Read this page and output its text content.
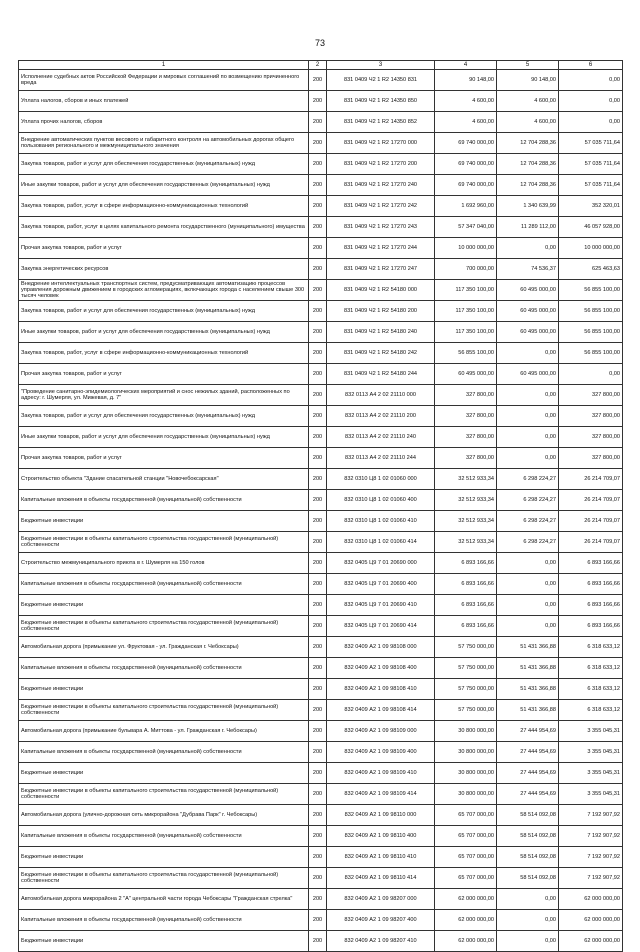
73
1	2	3	4	5	6
Исполнение судебных актов Российской Федерации и мировых соглашений по возмещению причиненного вреда	200	831 0409 Ч2 1 R2 14350 831	90 148,00	90 148,00	0,00
Уплата налогов, сборов и иных платежей	200	831 0409 Ч2 1 R2 14350 850	4 600,00	4 600,00	0,00
Уплата прочих налогов, сборов	200	831 0409 Ч2 1 R2 14350 852	4 600,00	4 600,00	0,00
Внедрение автоматических пунктов весового и габаритного контроля на автомобильных дорогах общего пользования регионального и межмуниципального значения	200	831 0409 Ч2 1 R2 17270 000	69 740 000,00	12 704 288,36	57 035 711,64
Закупка товаров, работ и услуг для обеспечения государственных (муниципальных) нужд	200	831 0409 Ч2 1 R2 17270 200	69 740 000,00	12 704 288,36	57 035 711,64
Иные закупки товаров, работ и услуг для обеспечения государственных (муниципальных) нужд	200	831 0409 Ч2 1 R2 17270 240	69 740 000,00	12 704 288,36	57 035 711,64
Закупка товаров, работ, услуг в сфере информационно-коммуникационных технологий	200	831 0409 Ч2 1 R2 17270 242	1 692 960,00	1 340 639,99	352 320,01
Закупка товаров, работ, услуг в целях капитального ремонта государственного (муниципального) имущества	200	831 0409 Ч2 1 R2 17270 243	57 347 040,00	11 289 112,00	46 057 928,00
Прочая закупка товаров, работ и услуг	200	831 0409 Ч2 1 R2 17270 244	10 000 000,00	0,00	10 000 000,00
Закупка энергетических ресурсов	200	831 0409 Ч2 1 R2 17270 247	700 000,00	74 536,37	625 463,63
Внедрение интеллектуальных транспортных систем, предусматривающих автоматизацию процессов управления дорожным движением в городских агломерациях, включающих города с населением свыше 300 тысяч человек	200	831 0409 Ч2 1 R2 54180 000	117 350 100,00	60 495 000,00	56 855 100,00
Закупка товаров, работ и услуг для обеспечения государственных (муниципальных) нужд	200	831 0409 Ч2 1 R2 54180 200	117 350 100,00	60 495 000,00	56 855 100,00
Иные закупки товаров, работ и услуг для обеспечения государственных (муниципальных) нужд	200	831 0409 Ч2 1 R2 54180 240	117 350 100,00	60 495 000,00	56 855 100,00
Закупка товаров, работ, услуг в сфере информационно-коммуникационных технологий	200	831 0409 Ч2 1 R2 54180 242	56 855 100,00	0,00	56 855 100,00
Прочая закупка товаров, работ и услуг	200	831 0409 Ч2 1 R2 54180 244	60 495 000,00	60 495 000,00	0,00
"Проведение санитарно-эпидемиологических мероприятий и снос нежилых зданий, расположенных по адресу: г. Шумерля, ул. Мижевая, д. 7"	200	832 0113 А4 2 02 21110 000	327 800,00	0,00	327 800,00
Закупка товаров, работ и услуг для обеспечения государственных (муниципальных) нужд	200	832 0113 А4 2 02 21110 200	327 800,00	0,00	327 800,00
Иные закупки товаров, работ и услуг для обеспечения государственных (муниципальных) нужд	200	832 0113 А4 2 02 21110 240	327 800,00	0,00	327 800,00
Прочая закупка товаров, работ и услуг	200	832 0113 А4 2 02 21110 244	327 800,00	0,00	327 800,00
Строительство объекта "Здание спасательной станции "Новочебоксарская"	200	832 0310 Ц8 1 02 01060 000	32 512 933,34	6 298 224,27	26 214 709,07
Капитальные вложения в объекты государственной (муниципальной) собственности	200	832 0310 Ц8 1 02 01060 400	32 512 933,34	6 298 224,27	26 214 709,07
Бюджетные инвестиции	200	832 0310 Ц8 1 02 01060 410	32 512 933,34	6 298 224,27	26 214 709,07
Бюджетные инвестиции в объекты капитального строительства государственной (муниципальной) собственности	200	832 0310 Ц8 1 02 01060 414	32 512 933,34	6 298 224,27	26 214 709,07
Строительство межмуниципального приюта в г. Шумерля на 150 голов	200	832 0405 Ц9 7 01 20690 000	6 893 166,66	0,00	6 893 166,66
Капитальные вложения в объекты государственной (муниципальной) собственности	200	832 0405 Ц9 7 01 20690 400	6 893 166,66	0,00	6 893 166,66
Бюджетные инвестиции	200	832 0405 Ц9 7 01 20690 410	6 893 166,66	0,00	6 893 166,66
Бюджетные инвестиции в объекты капитального строительства государственной (муниципальной) собственности	200	832 0405 Ц9 7 01 20690 414	6 893 166,66	0,00	6 893 166,66
Автомобильная дорога (примыкание ул. Фруктовая - ул. Гражданская г. Чебоксары)	200	832 0409 А2 1 09 98108 000	57 750 000,00	51 431 366,88	6 318 633,12
Капитальные вложения в объекты государственной (муниципальной) собственности	200	832 0409 А2 1 09 98108 400	57 750 000,00	51 431 366,88	6 318 633,12
Бюджетные инвестиции	200	832 0409 А2 1 09 98108 410	57 750 000,00	51 431 366,88	6 318 633,12
Бюджетные инвестиции в объекты капитального строительства государственной (муниципальной) собственности	200	832 0409 А2 1 09 98108 414	57 750 000,00	51 431 366,88	6 318 633,12
Автомобильная дорога (примыкание бульвара А. Миттова - ул. Гражданская г. Чебоксары)	200	832 0409 А2 1 09 98109 000	30 800 000,00	27 444 954,69	3 355 045,31
Капитальные вложения в объекты государственной (муниципальной) собственности	200	832 0409 А2 1 09 98109 400	30 800 000,00	27 444 954,69	3 355 045,31
Бюджетные инвестиции	200	832 0409 А2 1 09 98109 410	30 800 000,00	27 444 954,69	3 355 045,31
Бюджетные инвестиции в объекты капитального строительства государственной (муниципальной) собственности	200	832 0409 А2 1 09 98109 414	30 800 000,00	27 444 954,69	3 355 045,31
Автомобильная дорога (улично-дорожная сеть микрорайона "Дубрава Парк" г. Чебоксары)	200	832 0409 А2 1 09 98110 000	65 707 000,00	58 514 092,08	7 192 907,92
Капитальные вложения в объекты государственной (муниципальной) собственности	200	832 0409 А2 1 09 98110 400	65 707 000,00	58 514 092,08	7 192 907,92
Бюджетные инвестиции	200	832 0409 А2 1 09 98110 410	65 707 000,00	58 514 092,08	7 192 907,92
Бюджетные инвестиции в объекты капитального строительства государственной (муниципальной) собственности	200	832 0409 А2 1 09 98110 414	65 707 000,00	58 514 092,08	7 192 907,92
Автомобильная дорога микрорайона 2 "А" центральной части города Чебоксары "Гражданская стрелка"	200	832 0409 А2 1 09 98207 000	62 000 000,00	0,00	62 000 000,00
Капитальные вложения в объекты государственной (муниципальной) собственности	200	832 0409 А2 1 09 98207 400	62 000 000,00	0,00	62 000 000,00
Бюджетные инвестиции	200	832 0409 А2 1 09 98207 410	62 000 000,00	0,00	62 000 000,00
